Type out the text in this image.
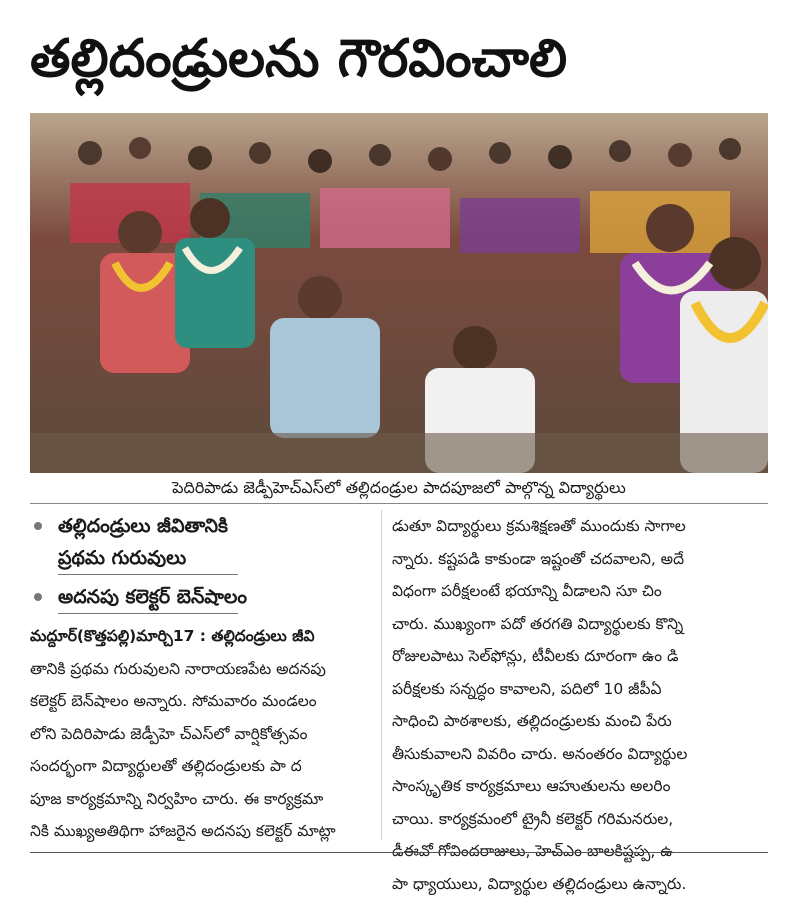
తల్లిదండ్రులను గౌరవించాలి
పెదిరిపాడు జెడ్పీహెచ్ఎస్‌లో తల్లిదండ్రుల పాదపూజలో పాల్గొన్న విద్యార్థులు
తల్లిదండ్రులు జీవితానికి
ప్రథమ గురువులు
అదనపు కలెక్టర్ బెన్‌షాలం
మద్దూర్(కొత్తపల్లి)మార్చి17 : తల్లిదండ్రులు జీవి
తానికి ప్రథమ గురువులని నారాయణపేట అదనపు
కలెక్టర్ బెన్‌షాలం అన్నారు. సోమవారం మండలం
లోని పెదిరిపాడు జెడ్పీహె చ్ఎస్‌లో వార్షికోత్సవం
సందర్భంగా విద్యార్థులతో తల్లిదండ్రులకు పా ద
పూజ కార్యక్రమాన్ని నిర్వహిం చారు. ఈ కార్యక్రమా
నికి ముఖ్యఅతిథిగా హాజరైన అదనపు కలెక్టర్ మాట్లా
డుతూ విద్యార్థులు క్రమశిక్షణతో ముందుకు సాగాల
న్నారు. కష్టపడి కాకుండా ఇష్టంతో చదవాలని, అదే
విధంగా పరీక్షలంటే భయాన్ని వీడాలని సూ చిం
చారు. ముఖ్యంగా పదో తరగతి విద్యార్థులకు కొన్ని
రోజులపాటు సెల్‌ఫోన్లు, టీవీలకు దూరంగా ఉం డి
పరీక్షలకు సన్నద్ధం కావాలని, పదిలో 10 జీపీఏ
సాధించి పాఠశాలకు, తల్లిదండ్రులకు మంచి పేరు
తీసుకువాలని వివరిం చారు. అనంతరం విద్యార్థుల
సాంస్కృతిక కార్యక్రమాలు ఆహుతులను అలరిం
చాయి. కార్యక్రమంలో ట్రైనీ కలెక్టర్ గరిమనరుల,
డీఈవో గోవిందరాజులు, హెచ్ఎం బాలకిష్టప్ప, ఉ
పా ధ్యాయులు, విద్యార్థుల తల్లిదండ్రులు ఉన్నారు.
